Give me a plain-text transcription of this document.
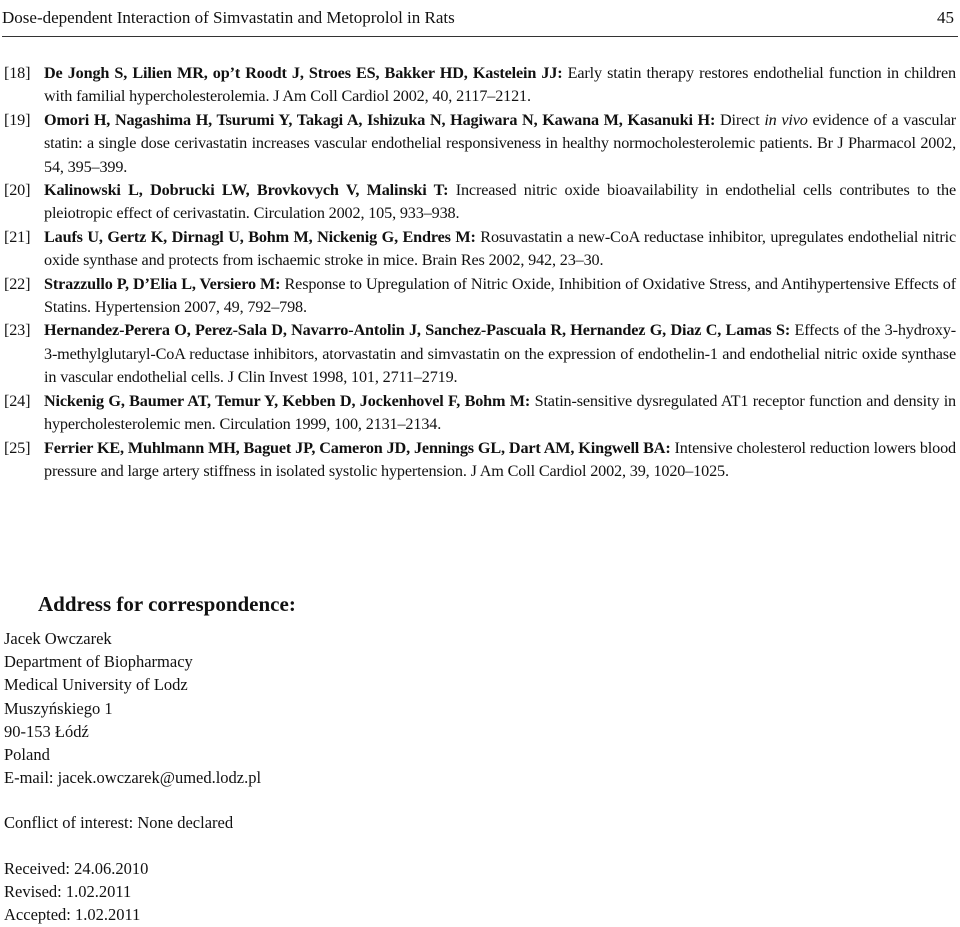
Dose-dependent Interaction of Simvastatin and Metoprolol in Rats	45

[18] De Jongh S, Lilien MR, op’t Roodt J, Stroes ES, Bakker HD, Kastelein JJ: Early statin therapy restores endothelial function in children with familial hypercholesterolemia. J Am Coll Cardiol 2002, 40, 2117–2121.

[19] Omori H, Nagashima H, Tsurumi Y, Takagi A, Ishizuka N, Hagiwara N, Kawana M, Kasanuki H: Direct in vivo evidence of a vascular statin: a single dose cerivastatin increases vascular endothelial responsiveness in healthy normocholesterolemic patients. Br J Pharmacol 2002, 54, 395–399.

[20] Kalinowski L, Dobrucki LW, Brovkovych V, Malinski T: Increased nitric oxide bioavailability in endothelial cells contributes to the pleiotropic effect of cerivastatin. Circulation 2002, 105, 933–938.

[21] Laufs U, Gertz K, Dirnagl U, Bohm M, Nickenig G, Endres M: Rosuvastatin a new-CoA reductase inhibitor, upregulates endothelial nitric oxide synthase and protects from ischaemic stroke in mice. Brain Res 2002, 942, 23–30.

[22] Strazzullo P, D’Elia L, Versiero M: Response to Upregulation of Nitric Oxide, Inhibition of Oxidative Stress, and Antihypertensive Effects of Statins. Hypertension 2007, 49, 792–798.

[23] Hernandez-Perera O, Perez-Sala D, Navarro-Antolin J, Sanchez-Pascuala R, Hernandez G, Diaz C, Lamas S: Effects of the 3-hydroxy-3-methylglutaryl-CoA reductase inhibitors, atorvastatin and simvastatin on the expression of endothelin-1 and endothelial nitric oxide synthase in vascular endothelial cells. J Clin Invest 1998, 101, 2711–2719.

[24] Nickenig G, Baumer AT, Temur Y, Kebben D, Jockenhovel F, Bohm M: Statin-sensitive dysregulated AT1 receptor function and density in hypercholesterolemic men. Circulation 1999, 100, 2131–2134.

[25] Ferrier KE, Muhlmann MH, Baguet JP, Cameron JD, Jennings GL, Dart AM, Kingwell BA: Intensive cholesterol reduction lowers blood pressure and large artery stiffness in isolated systolic hypertension. J Am Coll Cardiol 2002, 39, 1020–1025.

Address for correspondence:

Jacek Owczarek

Department of Biopharmacy

Medical University of Lodz

Muszyńskiego 1

90-153 Łódź

Poland

E-mail: jacek.owczarek@umed.lodz.pl

Conflict of interest: None declared

Received: 24.06.2010

Revised: 1.02.2011

Accepted: 1.02.2011
